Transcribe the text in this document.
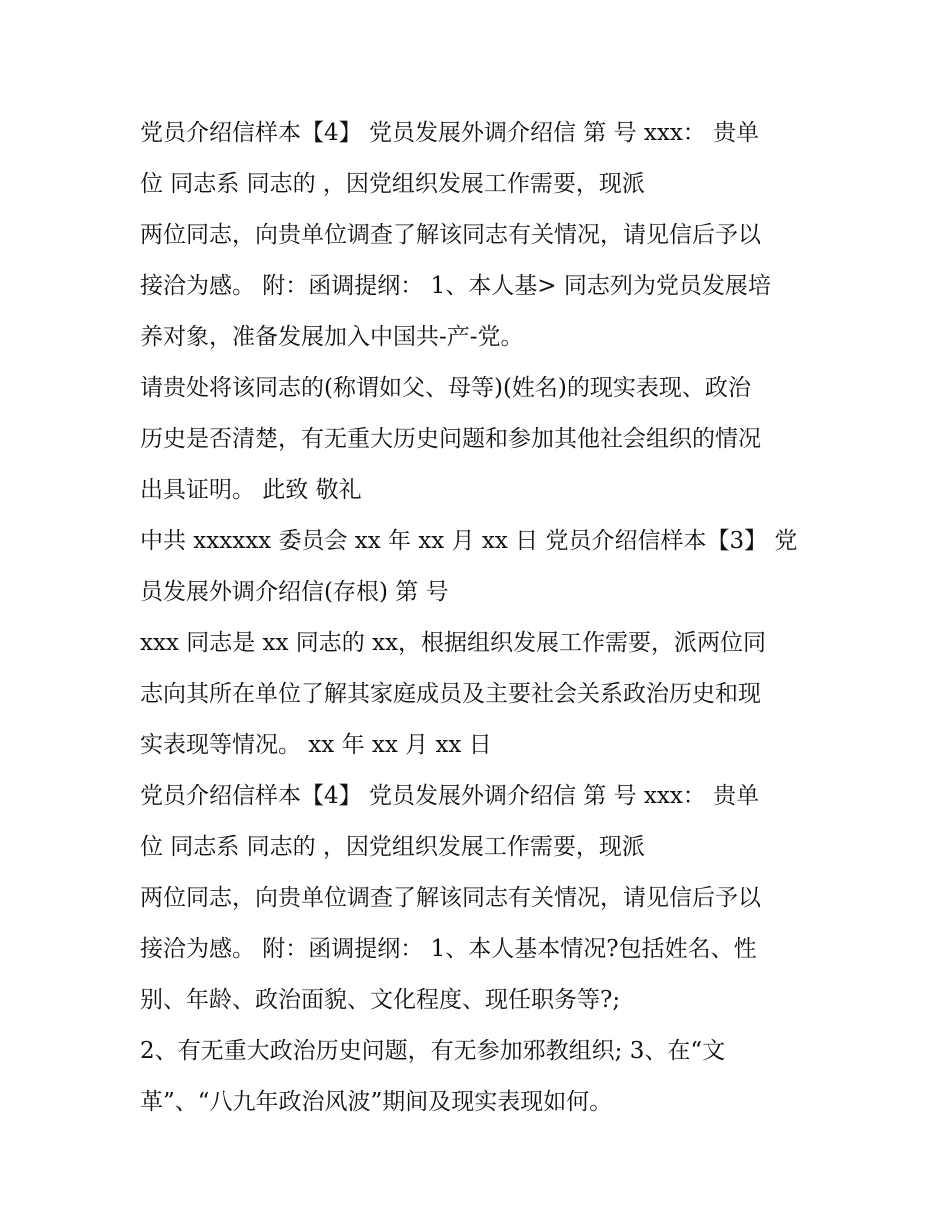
党员介绍信样本【4】 党员发展外调介绍信 第 号 xxx： 贵单
位 同志系 同志的 ，因党组织发展工作需要，现派
两位同志，向贵单位调查了解该同志有关情况，请见信后予以
接洽为感。 附：函调提纲： 1、本人基> 同志列为党员发展培
养对象，准备发展加入中国共-产-党。
请贵处将该同志的(称谓如父、母等)(姓名)的现实表现、政治
历史是否清楚，有无重大历史问题和参加其他社会组织的情况
出具证明。 此致 敬礼
中共 xxxxxx 委员会 xx 年 xx 月 xx 日 党员介绍信样本【3】 党
员发展外调介绍信(存根) 第 号
xxx 同志是 xx 同志的 xx，根据组织发展工作需要，派两位同
志向其所在单位了解其家庭成员及主要社会关系政治历史和现
实表现等情况。 xx 年 xx 月 xx 日
党员介绍信样本【4】 党员发展外调介绍信 第 号 xxx： 贵单
位 同志系 同志的 ，因党组织发展工作需要，现派
两位同志，向贵单位调查了解该同志有关情况，请见信后予以
接洽为感。 附：函调提纲： 1、本人基本情况?包括姓名、性
别、年龄、政治面貌、文化程度、现任职务等?;
2、有无重大政治历史问题，有无参加邪教组织; 3、在“文
革”、“八九年政治风波”期间及现实表现如何。
